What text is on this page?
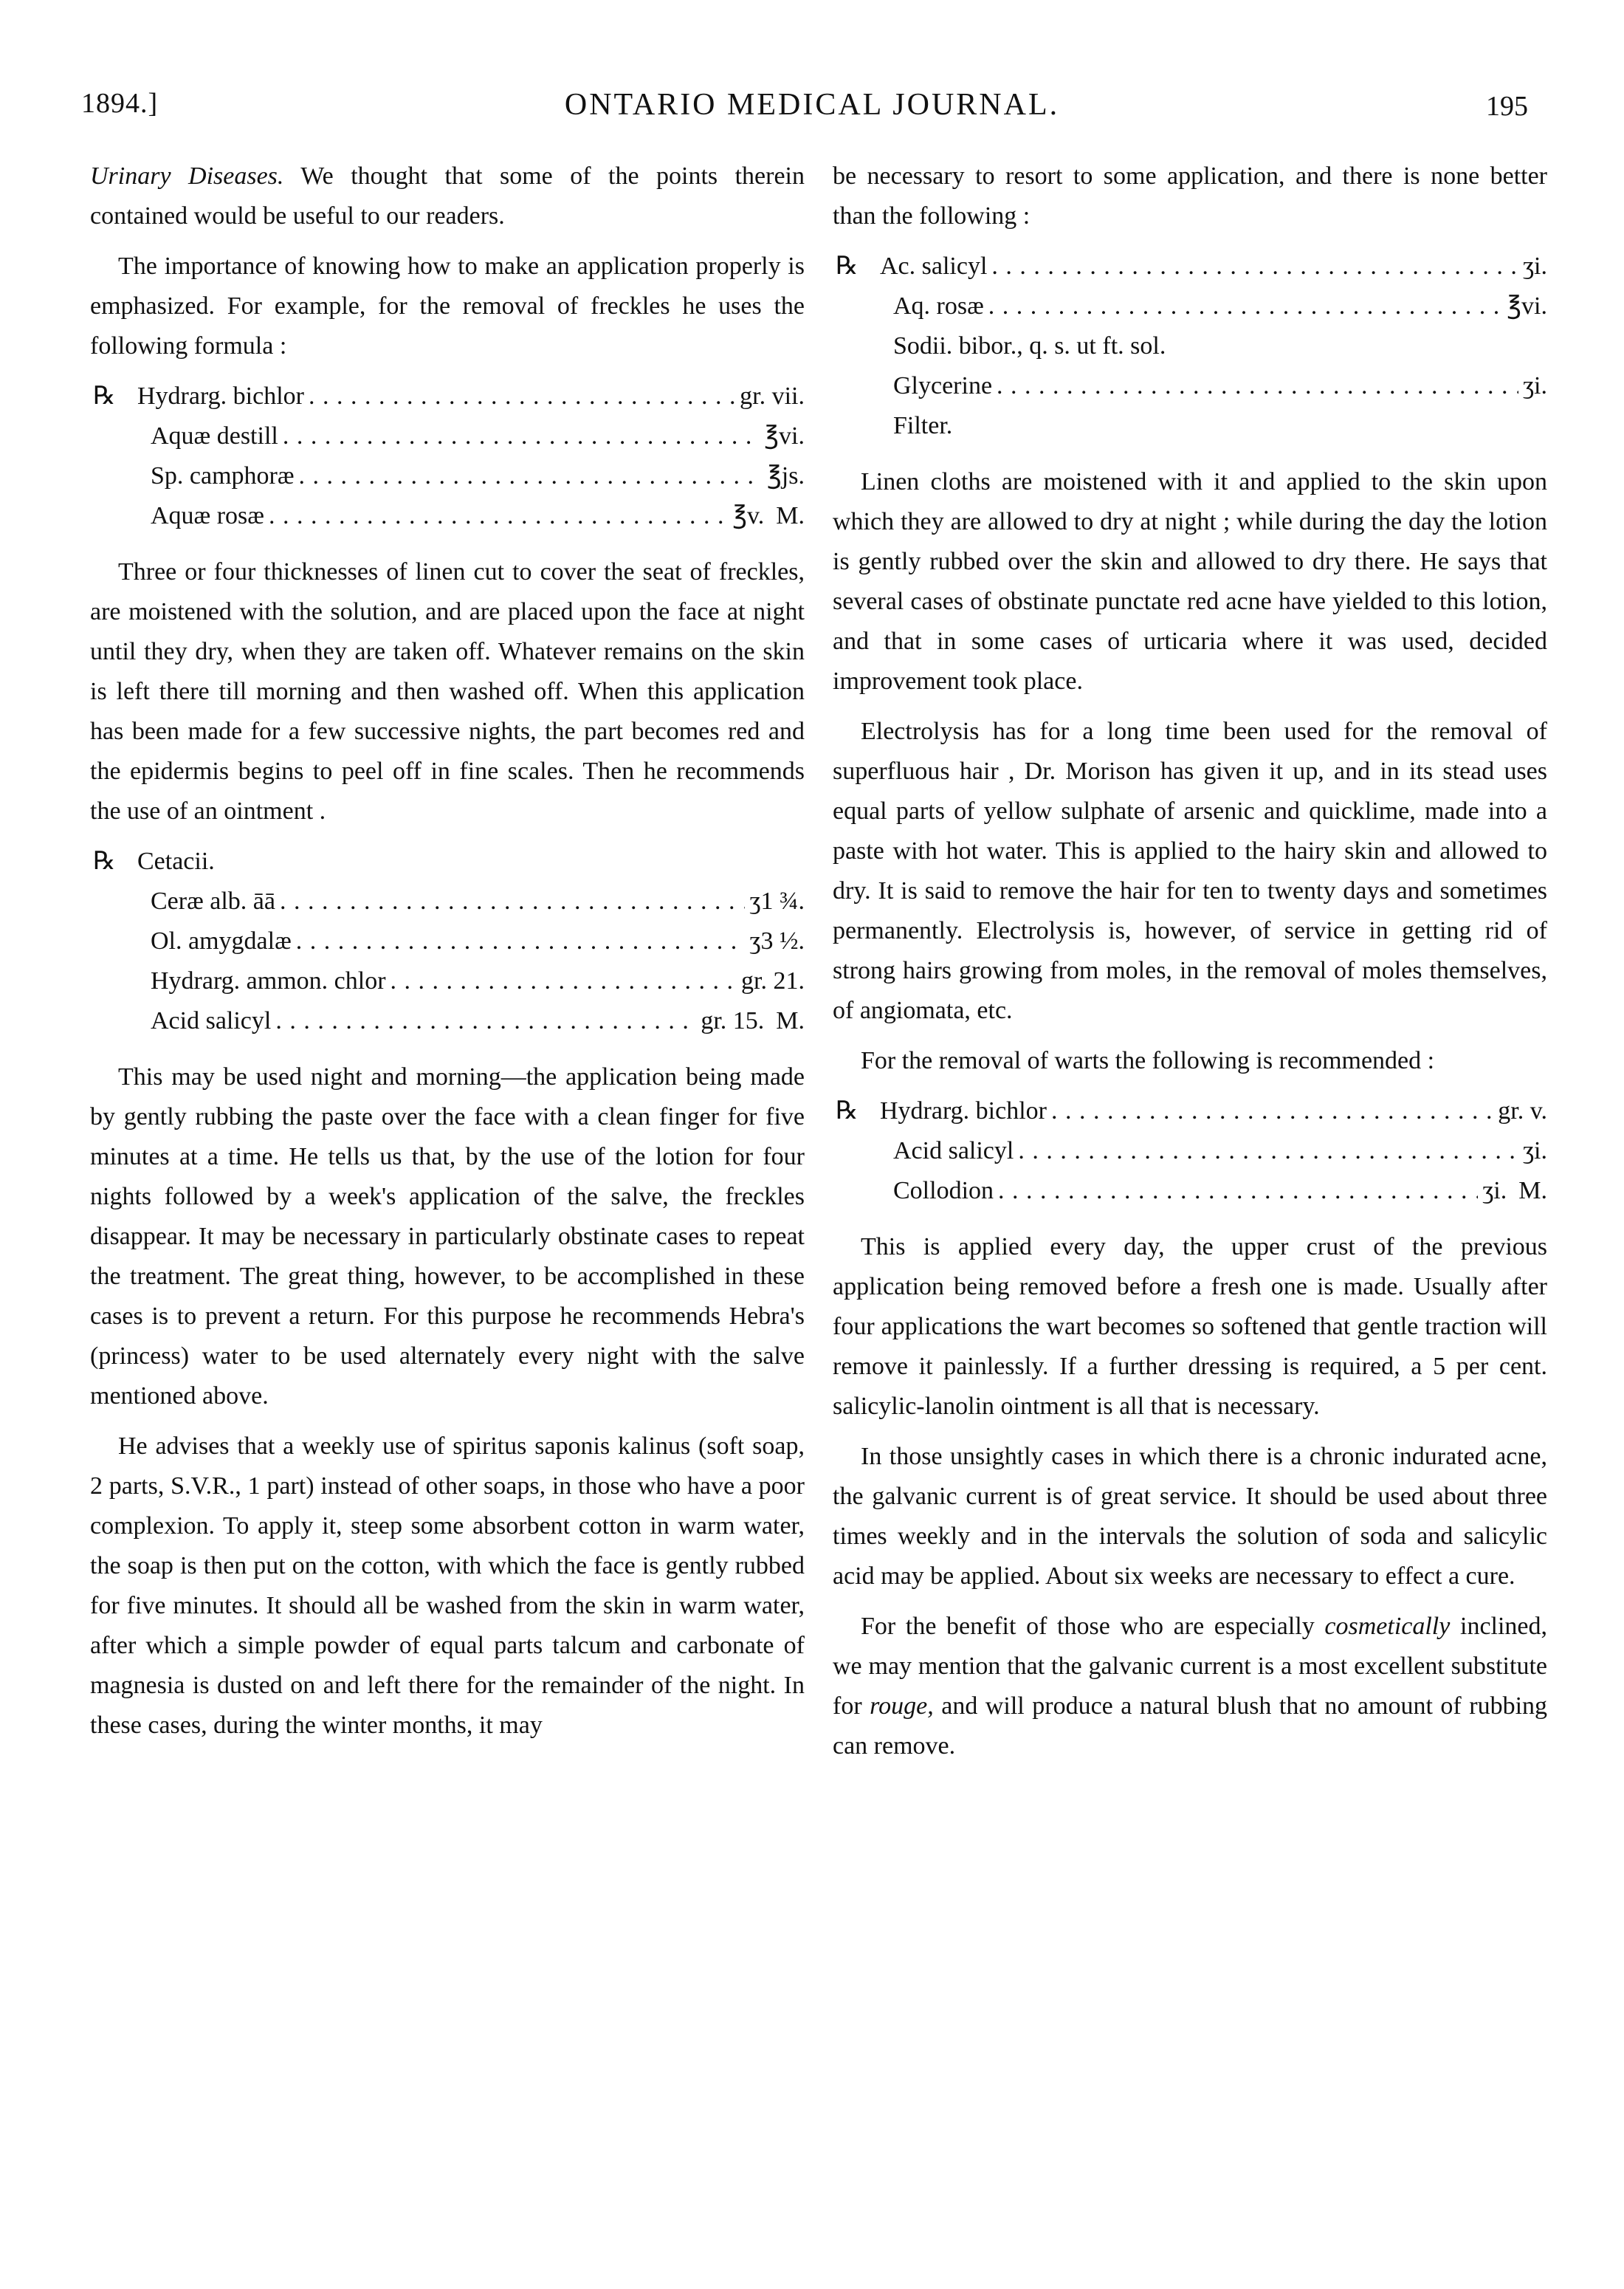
1894.]	ONTARIO MEDICAL JOURNAL.	195

Urinary Diseases. We thought that some of the points therein contained would be useful to our readers.

The importance of knowing how to make an application properly is emphasized. For example, for the removal of freckles he uses the following formula :

℞ Hydrarg. bichlor . . .	gr. vii.
Aquæ destill . . .	℥vi.
Sp. camphoræ . . .	℥js.
Aquæ rosæ . . .	℥v. M.

Three or four thicknesses of linen cut to cover the seat of freckles, are moistened with the solution, and are placed upon the face at night until they dry, when they are taken off. Whatever remains on the skin is left there till morning and then washed off. When this application has been made for a few successive nights, the part becomes red and the epidermis begins to peel off in fine scales. Then he recommends the use of an ointment .

℞ Cetacii.
Ceræ alb. āā . . .	ʒ1 ¾.
Ol. amygdalæ . . .	ʒ3 ½.
Hydrarg. ammon. chlor . . .	gr. 21.
Acid salicyl . . .	gr. 15. M.

This may be used night and morning—the application being made by gently rubbing the paste over the face with a clean finger for five minutes at a time. He tells us that, by the use of the lotion for four nights followed by a week's application of the salve, the freckles disappear. It may be necessary in particularly obstinate cases to repeat the treatment. The great thing, however, to be accomplished in these cases is to prevent a return. For this purpose he recommends Hebra's (princess) water to be used alternately every night with the salve mentioned above.

He advises that a weekly use of spiritus saponis kalinus (soft soap, 2 parts, S.V.R., 1 part) instead of other soaps, in those who have a poor complexion. To apply it, steep some absorbent cotton in warm water, the soap is then put on the cotton, with which the face is gently rubbed for five minutes. It should all be washed from the skin in warm water, after which a simple powder of equal parts talcum and carbonate of magnesia is dusted on and left there for the remainder of the night. In these cases, during the winter months, it may

be necessary to resort to some application, and there is none better than the following :

℞ Ac. salicyl . . .	ʒi.
Aq. rosæ . . .	℥vi.
Sodii. bibor., q. s. ut ft. sol.
Glycerine . . .	ʒi.
Filter.

Linen cloths are moistened with it and applied to the skin upon which they are allowed to dry at night ; while during the day the lotion is gently rubbed over the skin and allowed to dry there. He says that several cases of obstinate punctate red acne have yielded to this lotion, and that in some cases of urticaria where it was used, decided improvement took place.

Electrolysis has for a long time been used for the removal of superfluous hair , Dr. Morison has given it up, and in its stead uses equal parts of yellow sulphate of arsenic and quicklime, made into a paste with hot water. This is applied to the hairy skin and allowed to dry. It is said to remove the hair for ten to twenty days and sometimes permanently. Electrolysis is, however, of service in getting rid of strong hairs growing from moles, in the removal of moles themselves, of angiomata, etc.

For the removal of warts the following is recommended :

℞ Hydrarg. bichlor . . .	gr. v.
Acid salicyl . . .	ʒi.
Collodion . . .	ʒi. M.

This is applied every day, the upper crust of the previous application being removed before a fresh one is made. Usually after four applications the wart becomes so softened that gentle traction will remove it painlessly. If a further dressing is required, a 5 per cent. salicylic-lanolin ointment is all that is necessary.

In those unsightly cases in which there is a chronic indurated acne, the galvanic current is of great service. It should be used about three times weekly and in the intervals the solution of soda and salicylic acid may be applied. About six weeks are necessary to effect a cure.

For the benefit of those who are especially cosmetically inclined, we may mention that the galvanic current is a most excellent substitute for rouge, and will produce a natural blush that no amount of rubbing can remove.
